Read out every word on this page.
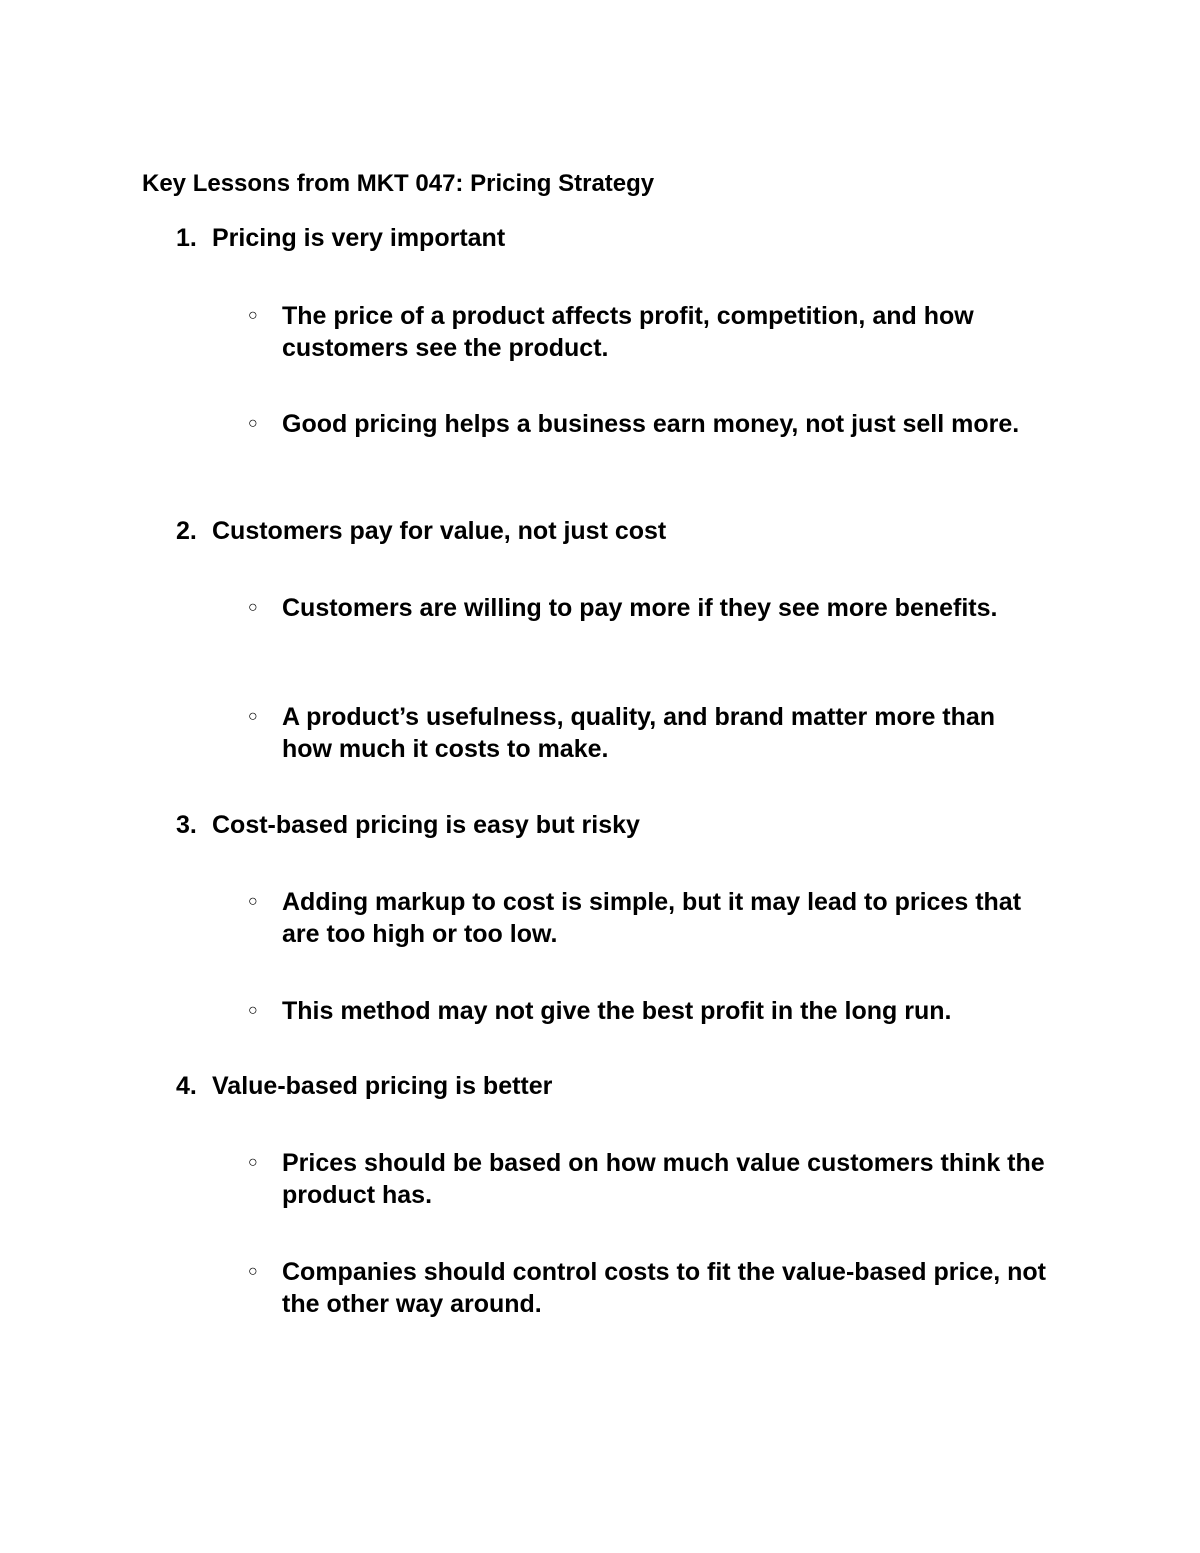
Key Lessons from MKT 047: Pricing Strategy
1. Pricing is very important
○ The price of a product affects profit, competition, and how customers see the product.
○ Good pricing helps a business earn money, not just sell more.
2. Customers pay for value, not just cost
○ Customers are willing to pay more if they see more benefits.
○ A product’s usefulness, quality, and brand matter more than how much it costs to make.
3. Cost-based pricing is easy but risky
○ Adding markup to cost is simple, but it may lead to prices that are too high or too low.
○ This method may not give the best profit in the long run.
4. Value-based pricing is better
○ Prices should be based on how much value customers think the product has.
○ Companies should control costs to fit the value-based price, not the other way around.
